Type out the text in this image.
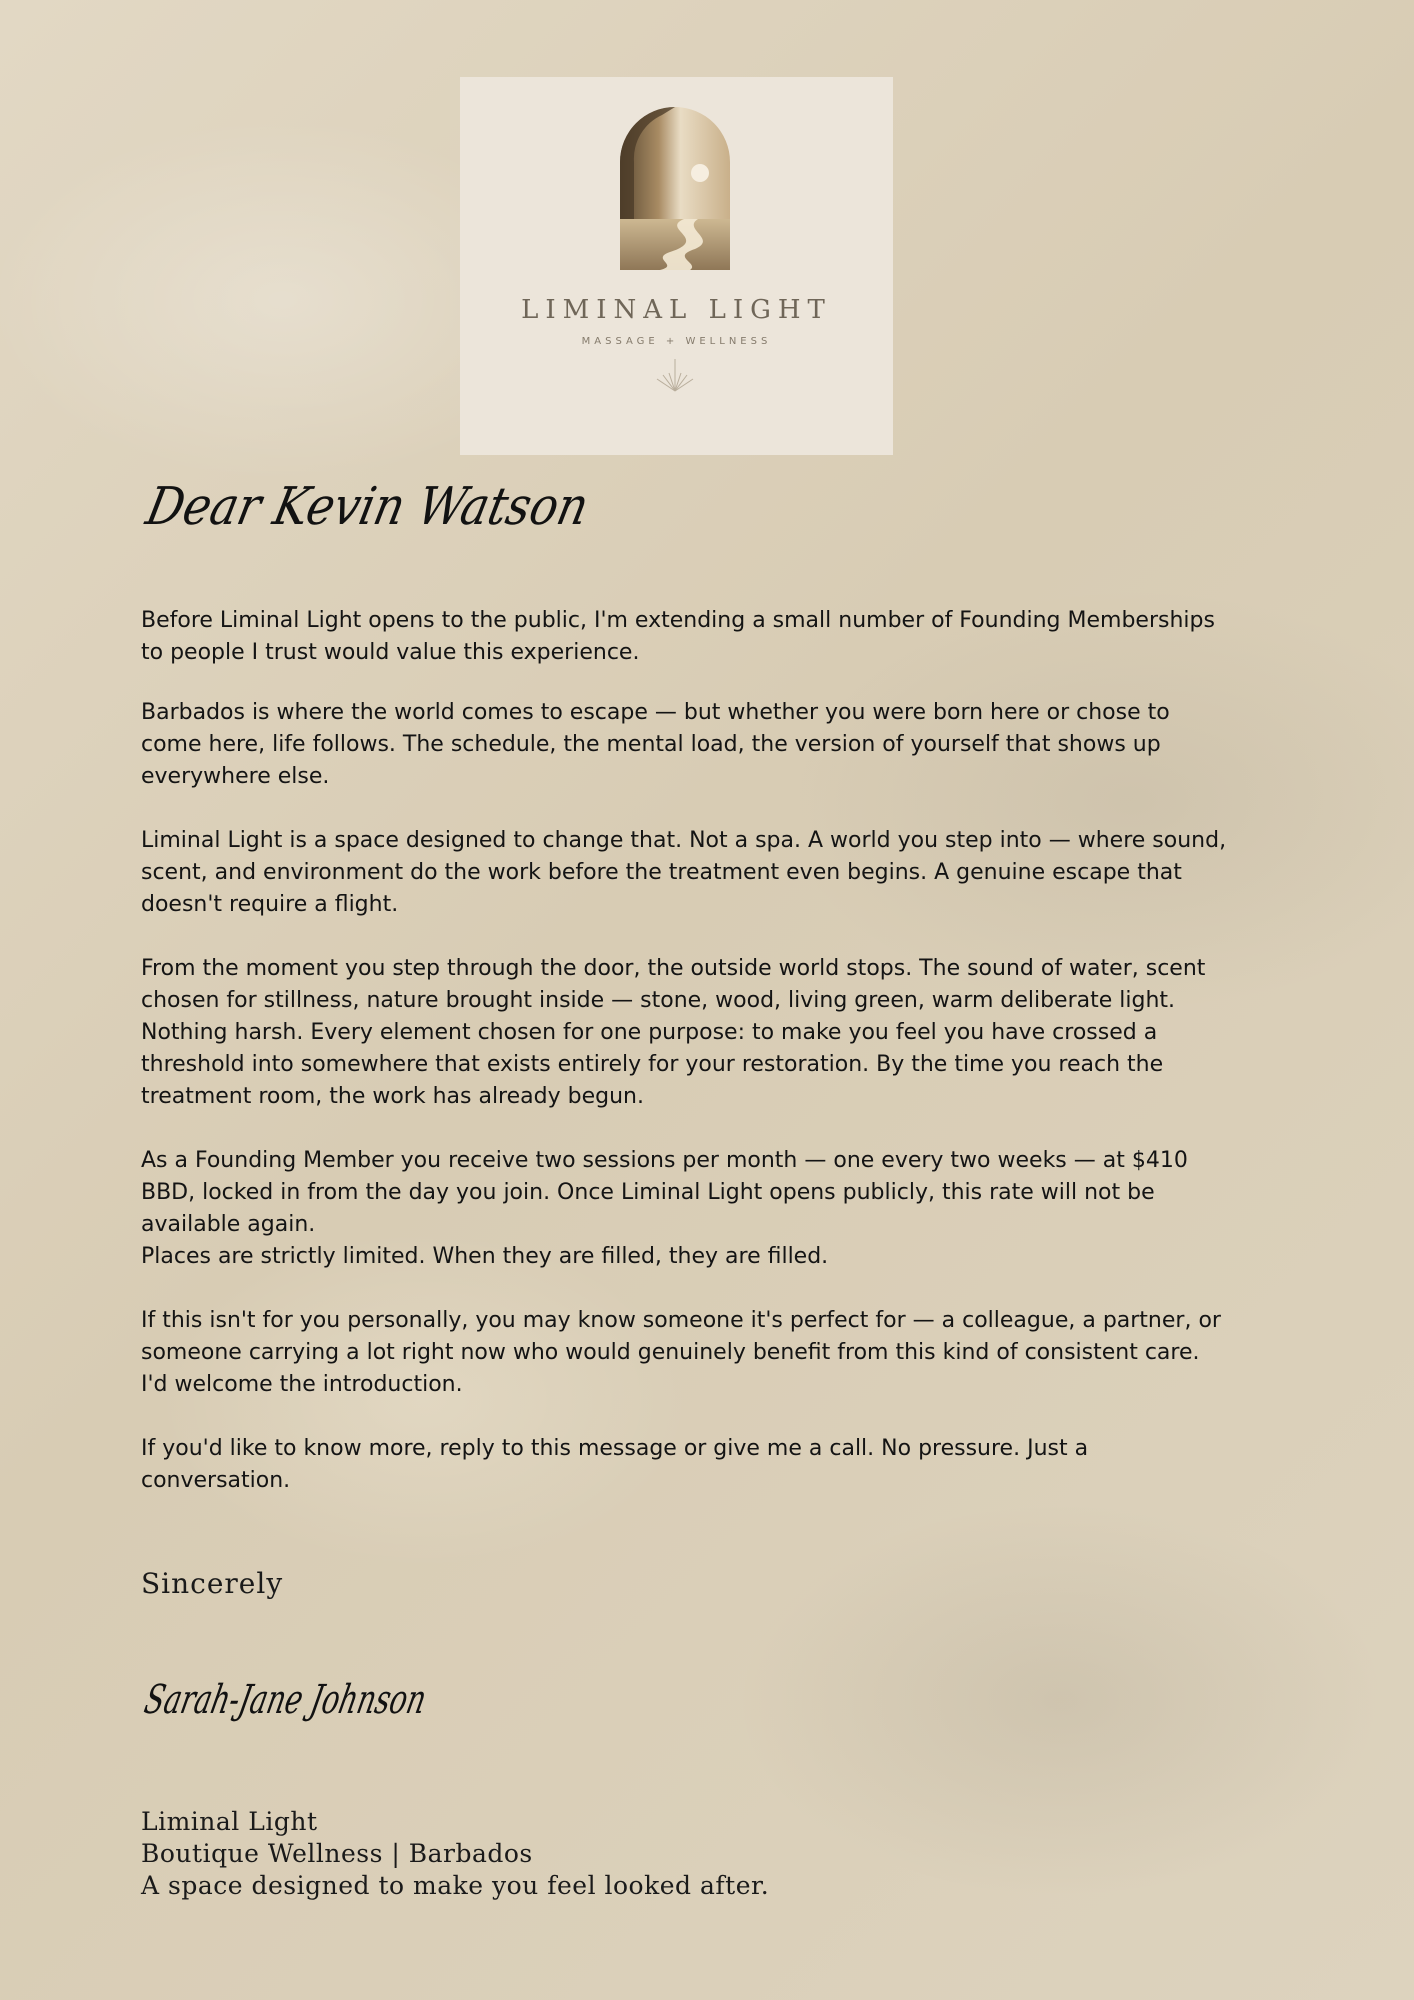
LIMINAL LIGHT
MASSAGE + WELLNESS
Dear Kevin Watson

Before Liminal Light opens to the public, I'm extending a small number of Founding Memberships to people I trust would value this experience.

Barbados is where the world comes to escape — but whether you were born here or chose to come here, life follows. The schedule, the mental load, the version of yourself that shows up everywhere else.

Liminal Light is a space designed to change that. Not a spa. A world you step into — where sound, scent, and environment do the work before the treatment even begins. A genuine escape that doesn't require a flight.

From the moment you step through the door, the outside world stops. The sound of water, scent chosen for stillness, nature brought inside — stone, wood, living green, warm deliberate light. Nothing harsh. Every element chosen for one purpose: to make you feel you have crossed a threshold into somewhere that exists entirely for your restoration. By the time you reach the treatment room, the work has already begun.

As a Founding Member you receive two sessions per month — one every two weeks — at $410 BBD, locked in from the day you join. Once Liminal Light opens publicly, this rate will not be available again.

Places are strictly limited. When they are filled, they are filled.

If this isn't for you personally, you may know someone it's perfect for — a colleague, a partner, or someone carrying a lot right now who would genuinely benefit from this kind of consistent care. I'd welcome the introduction.

If you'd like to know more, reply to this message or give me a call. No pressure. Just a conversation.

Sincerely
Sarah-Jane Johnson
Liminal Light
Boutique Wellness | Barbados
A space designed to make you feel looked after.
